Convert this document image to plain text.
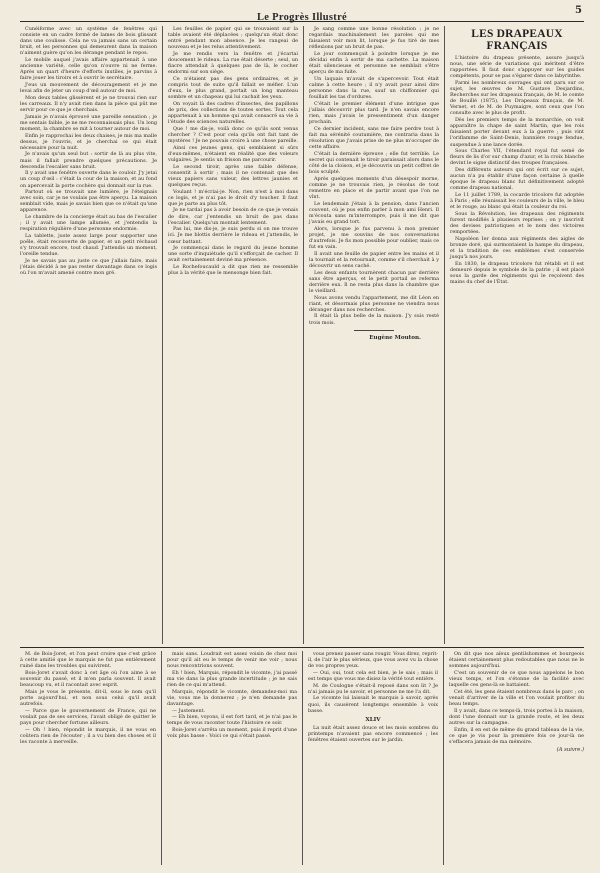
Le Progrès Illustré
5

Cunéiforme avec un système de fenêtres qui consiste en un cadre formé de lames de bois glissant dans une coulisse. Cela ne va jamais sans un certain bruit, et les personnes qui demeurent dans la maison n'aiment guère qu'on les dérange pendant le repos.

Le mobile auquel j'avais affaire appartenait à une ancienne variété, celle qu'on n'ouvre ni ne ferme. Après un quart d'heure d'efforts inutiles, je parvins à faire jouer les tiroirs et à ouvrir le secrétaire.

J'eus un mouvement de découragement et je me levai afin de jeter un coup d'œil autour de moi.

Mon deux tables glissèrent et je ne trouvai rien sur les carreaux. Il n'y avait rien dans la pièce qui pût me servir pour ce que je cherchais.

Jamais je n'avais éprouvé une pareille sensation ; je me sentais faible, je ne me reconnaissais plus. Un long moment, la chambre se mit à tourner autour de moi.

Enfin je rapprochai les deux chaises, je mis ma malle dessus, je l'ouvris, et je cherchai ce qui était nécessaire pour la nuit.

Je n'avais qu'un seul but : sortir de là au plus vite, mais il fallait prendre quelques précautions. Je descendis l'escalier sans bruit.

Il y avait une fenêtre ouverte dans le couloir. J'y jetai un coup d'œil : c'était la cour de la maison, et au fond on apercevait la porte cochère qui donnait sur la rue.

Partout où se trouvait une lumière, je l'éteignais avec soin, car je ne voulais pas être aperçu. La maison semblait vide, mais je savais bien que ce n'était qu'une apparence.

Le chambre de la concierge était au bas de l'escalier ; il y avait une lampe allumée, et j'entendis la respiration régulière d'une personne endormie.

La tablette, juste assez large pour supporter une poêle, était recouverte de papier, et un petit réchaud s'y trouvait encore, tout chaud. J'attendis un moment, l'oreille tendue.

Je ne savais pas au juste ce que j'allais faire, mais j'étais décidé à ne pas rester davantage dans ce logis où l'on m'avait amené contre mon gré.

Les feuilles de papier qui se trouvaient sur la table avaient été déplacées ; quelqu'un était donc entré pendant mon absence. Je les rangeai de nouveau et je les relus attentivement.

Je me rendis vers la fenêtre et j'écartai doucement le rideau. La rue était déserte ; seul, un fiacre attendait à quelques pas de là, le cocher endormi sur son siège.

Ce n'étaient pas des gens ordinaires, et je compris tout de suite qu'il fallait se méfier. L'un d'eux, le plus grand, portait un long manteau sombre et un chapeau qui lui cachait les yeux.

On voyait là des cadres d'insectes, des papillons de prix, des collections de toutes sortes. Tout cela appartenait à un homme qui avait consacré sa vie à l'étude des sciences naturelles.

Que ! me dis-je, voilà donc ce qu'ils sont venus chercher ? C'est pour cela qu'ils ont fait tant de mystères ! Je ne pouvais croire à une chose pareille.

Ainsi ces jeunes gens, qui semblaient si sûrs d'eux-mêmes, n'étaient en réalité que des voleurs vulgaires. Je sentis un frisson me parcourir.

Le second tiroir, après une faible défense, consentit à sortir ; mais il ne contenait que des vieux papiers sans valeur, des lettres jaunies et quelques reçus.

Voulant ! m'écriai-je. Non, rien n'est à moi dans ce logis, et je n'ai pas le droit d'y toucher. Il faut que je parte au plus tôt.

Je ne tardai pas à avoir besoin de ce que je venais de dire, car j'entendis un bruit de pas dans l'escalier. Quelqu'un montait lentement.

Pas lui, me dis-je, je suis perdu si on me trouve ici. Je me blottis derrière le rideau et j'attendis, le cœur battant.

Je commençai dans le regard du jeune homme une sorte d'inquiétude qu'il s'efforçait de cacher. Il avait certainement deviné ma présence.

Le Rochefoucauld a dit que rien ne ressemble plus à la vérité que le mensonge bien fait.

Je sang comme une bonne résolution ; je ne regardais machinalement les paroles qui me faisaient voir mon lit, lorsque je fus tiré de mes réflexions par un bruit de pas.

Le jour commençait à poindre lorsque je me décidai enfin à sortir de ma cachette. La maison était silencieuse et personne ne semblait s'être aperçu de ma fuite.

Un laquais m'avait de s'apercevoir. Tout était calme à cette heure ; il n'y avait pour ainsi dire personne dans la rue, sauf un chiffonnier qui fouillait les tas d'ordures.

C'était le premier élément d'une intrigue que j'allais découvrir plus tard. Je n'en savais encore rien, mais j'avais le pressentiment d'un danger prochain.

Ce dernier incident, sans me faire perdre tout à fait ma sérénité coutumière, me contraria dans la résolution que j'avais prise de ne plus m'occuper de cette affaire.

C'était la dernière épreuve ; elle fut terrible. Le secret qui contenait le tiroir paraissait alors dans le côté de la cloison, et je découvris un petit coffret de bois sculpté.

Après quelques moments d'un désespoir morne, comme je ne trouvais rien, je résolus de tout remettre en place et de partir avant que l'on ne vînt.

Le lendemain j'étais à la pension, dans l'ancien couvent, où je pus enfin parler à mon ami Henri. Il m'écouta sans m'interrompre, puis il me dit que j'avais eu grand tort.

Alors, lorsque je fus parvenu à mon premier projet, je me souvins de nos conversations d'autrefois. Je fis mon possible pour oublier, mais ce fut en vain.

Il avait une feuille de papier entre les mains et il la tournait et la retournait, comme s'il cherchait à y découvrir un sens caché.

Les deux enfants tournèrent chacun par derrière sans être aperçus, et le petit portail se referma derrière eux. Il ne resta plus dans la chambre que le vieillard.

Nous avons vendu l'appartement, me dit Léon en riant, et désormais plus personne ne viendra nous déranger dans nos recherches.

Il était là plus belle de la maison. J'y suis resté trois mois.

Eugène Mouton.
LES DRAPEAUX FRANÇAIS

L'histoire du drapeau présente, assure jusqu'à nous, une série de variations qui méritent d'être rapportées. Il faut donc s'appuyer sur les guides compétents, pour se pas s'égarer dans ce labyrinthe.

Parmi les nombreux ouvrages qui ont paru sur ce sujet, les œuvres de M. Gustave Desjardins, Recherches sur les drapeaux français, de M. le comte de Bouillé (1875), Les Drapeaux français, de M. Vernet, et de M. de Puymaigre, sont ceux que l'on consulte avec le plus de profit.

Dès les premiers temps de la monarchie, on voit apparaître la chape de saint Martin, que les rois faisaient porter devant eux à la guerre ; puis vint l'oriflamme de Saint-Denis, bannière rouge fendue, suspendue à une lance dorée.

Sous Charles VII, l'étendard royal fut semé de fleurs de lis d'or sur champ d'azur, et la croix blanche devint le signe distinctif des troupes françaises.

Des différents auteurs qui ont écrit sur ce sujet, aucun n'a pu établir d'une façon certaine à quelle époque le drapeau blanc fut définitivement adopté comme drapeau national.

Le 11 juillet 1789, la cocarde tricolore fut adoptée à Paris ; elle réunissait les couleurs de la ville, le bleu et le rouge, au blanc qui était la couleur du roi.

Sous la Révolution, les drapeaux des régiments furent modifiés à plusieurs reprises ; on y inscrivit des devises patriotiques et le nom des victoires remportées.

Napoléon Ier donna aux régiments des aigles de bronze doré, qui surmontaient la hampe du drapeau, et la tradition de ces emblèmes s'est conservée jusqu'à nos jours.

En 1830, le drapeau tricolore fut rétabli et il est demeuré depuis le symbole de la patrie ; il est placé sous la garde des régiments qui le reçoivent des mains du chef de l'État.

M. de Bois-Joret, et l'on peut croire que c'est grâce à cette amitié que le marquis ne fut pas entièrement ruiné dans les troubles qui suivirent.

Bois-Joret s'avait donc à cet âge où l'on aime à se souvenir du passé, et il m'en parla souvent. Il avait beaucoup vu, et il racontait avec esprit.

Mais je vous le présente, dit-il, sous le nom qu'il porte aujourd'hui, et non sous celui qu'il avait autrefois.

— Parce que le gouvernement de France, qui ne voulait pas de ses services, l'avait obligé de quitter le pays pour chercher fortune ailleurs.

— Oh ! bien, répondit le marquis, il ne vous en coûtera rien de l'écouter ; il a vu bien des choses et il les raconte à merveille.

mais sans. Loudrait est assez voisin de chez moi pour qu'il ait eu le temps de venir me voir ; nous nous rencontrions souvent.

Eh ! bien, Marquis, répondit le vicomte, j'ai passé ma vie dans la plus grande incertitude ; je ne sais rien de ce qui m'attend.

Marquis, répondit le vicomte, demandez-moi ma vie, vous me la donnerez ; je n'en demande pas davantage.

— Justement.

— Eh bien, voyons, il est fort tard, et je n'ai pas le temps de vous raconter toute l'histoire ce soir.

Bois-Joret s'arrêta un moment, puis il reprit d'une voix plus basse : Voici ce qui s'était passé.

vous prenez passer sans rougir. Vous direz, reprit-il, de l'air le plus sérieux, que vous avez vu la chose de vos propres yeux.

— Oui, oui, tout cela est bien, je le sais ; mais il est temps que vous me disiez la vérité tout entière.

M. de Coulogne s'était-il reposé dans son lit ? Je n'ai jamais pu le savoir, et personne ne me l'a dit.

Le vicomte lui laissait le marquis à savoir, après quoi, ils causèrent longtemps ensemble à voix basse.

XLIV

La nuit était assez douce et les mois sombres du printemps n'avaient pas encore commencé ; les fenêtres étaient ouvertes sur le jardin.

On dit que nos aïeux gentilshommes et bourgeois étaient certainement plus redoutables que nous ne le sommes aujourd'hui.

C'est un souvenir de ce que nous appelons le bon vieux temps, et l'on s'étonne de la facilité avec laquelle ces gens-là se battaient.

Cet été, les gens étaient nombreux dans le parc ; on venait d'arriver de la ville et l'on voulait profiter du beau temps.

Il y avait, dans ce temps-là, trois portes à la maison, dont l'une donnait sur la grande route, et les deux autres sur la campagne.

Enfin, il en est de même du grand tableau de la vie, ce que je vis pour la première fois ce jour-là ne s'effacera jamais de ma mémoire.

(A suivre.)
